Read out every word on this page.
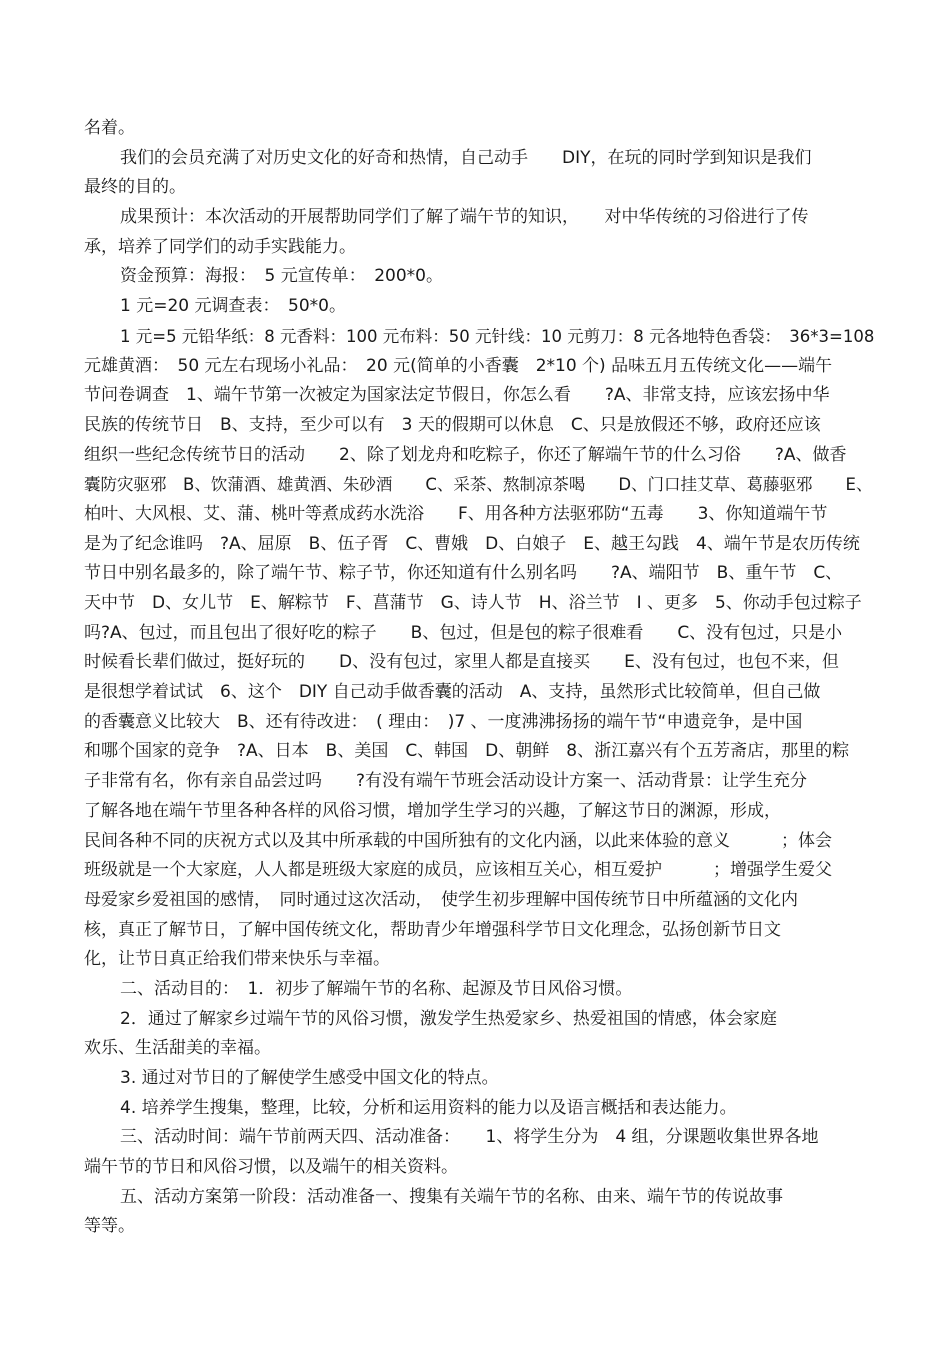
名着。
我们的会员充满了对历史文化的好奇和热情，自己动手　　DIY，在玩的同时学到知识是我们
最终的目的。
成果预计：本次活动的开展帮助同学们了解了端午节的知识，　　对中华传统的习俗进行了传
承，培养了同学们的动手实践能力。
资金预算：海报：　5 元宣传单：　200*0。
1 元=20 元调查表：　50*0。
1 元=5 元铅华纸：8 元香料：100 元布料：50 元针线：10 元剪刀：8 元各地特色香袋：　36*3=108
元雄黄酒：　50 元左右现场小礼品：　20 元(简单的小香囊　2*10 个) 品味五月五传统文化——端午
节问卷调查　1、端午节第一次被定为国家法定节假日，你怎么看　　?A、非常支持，应该宏扬中华
民族的传统节日　B、支持，至少可以有　3 天的假期可以休息　C、只是放假还不够，政府还应该
组织一些纪念传统节日的活动　　2、除了划龙舟和吃粽子，你还了解端午节的什么习俗　　?A、做香
囊防灾驱邪　B、饮蒲酒、雄黄酒、朱砂酒　　C、采茶、熬制凉茶喝　　D、门口挂艾草、葛藤驱邪　　E、
柏叶、大风根、艾、蒲、桃叶等煮成药水洗浴　　F、用各种方法驱邪防“五毒　　3、你知道端午节
是为了纪念谁吗　?A、屈原　B、伍子胥　C、曹娥　D、白娘子　E、越王勾践　4、端午节是农历传统
节日中别名最多的，除了端午节、粽子节，你还知道有什么别名吗　　?A、端阳节　B、重午节　C、
天中节　D、女儿节　E、解粽节　F、菖蒲节　G、诗人节　H、浴兰节　I 、更多　5、你动手包过粽子
吗?A、包过，而且包出了很好吃的粽子　　B、包过，但是包的粽子很难看　　C、没有包过，只是小
时候看长辈们做过，挺好玩的　　D、没有包过，家里人都是直接买　　E、没有包过，也包不来，但
是很想学着试试　6、这个　DIY 自己动手做香囊的活动　A、支持，虽然形式比较简单，但自己做
的香囊意义比较大　B、还有待改进：　( 理由：　)7 、一度沸沸扬扬的端午节“申遗竞争，是中国
和哪个国家的竞争　?A、日本　B、美国　C、韩国　D、朝鲜　8、浙江嘉兴有个五芳斋店，那里的粽
子非常有名，你有亲自品尝过吗　　?有没有端午节班会活动设计方案一、活动背景：让学生充分
了解各地在端午节里各种各样的风俗习惯，增加学生学习的兴趣，了解这节日的渊源，形成，
民间各种不同的庆祝方式以及其中所承载的中国所独有的文化内涵，以此来体验的意义　　　；体会
班级就是一个大家庭，人人都是班级大家庭的成员，应该相互关心，相互爱护　　　；增强学生爱父
母爱家乡爱祖国的感情，　同时通过这次活动，　使学生初步理解中国传统节日中所蕴涵的文化内
核，真正了解节日，了解中国传统文化，帮助青少年增强科学节日文化理念，弘扬创新节日文
化，让节日真正给我们带来快乐与幸福。
二、活动目的：　1．初步了解端午节的名称、起源及节日风俗习惯。
2．通过了解家乡过端午节的风俗习惯，激发学生热爱家乡、热爱祖国的情感，体会家庭
欢乐、生活甜美的幸福。
3. 通过对节日的了解使学生感受中国文化的特点。
4. 培养学生搜集，整理，比较，分析和运用资料的能力以及语言概括和表达能力。
三、活动时间：端午节前两天四、活动准备：　　1、将学生分为　4 组，分课题收集世界各地
端午节的节日和风俗习惯，以及端午的相关资料。
五、活动方案第一阶段：活动准备一、搜集有关端午节的名称、由来、端午节的传说故事
等等。
